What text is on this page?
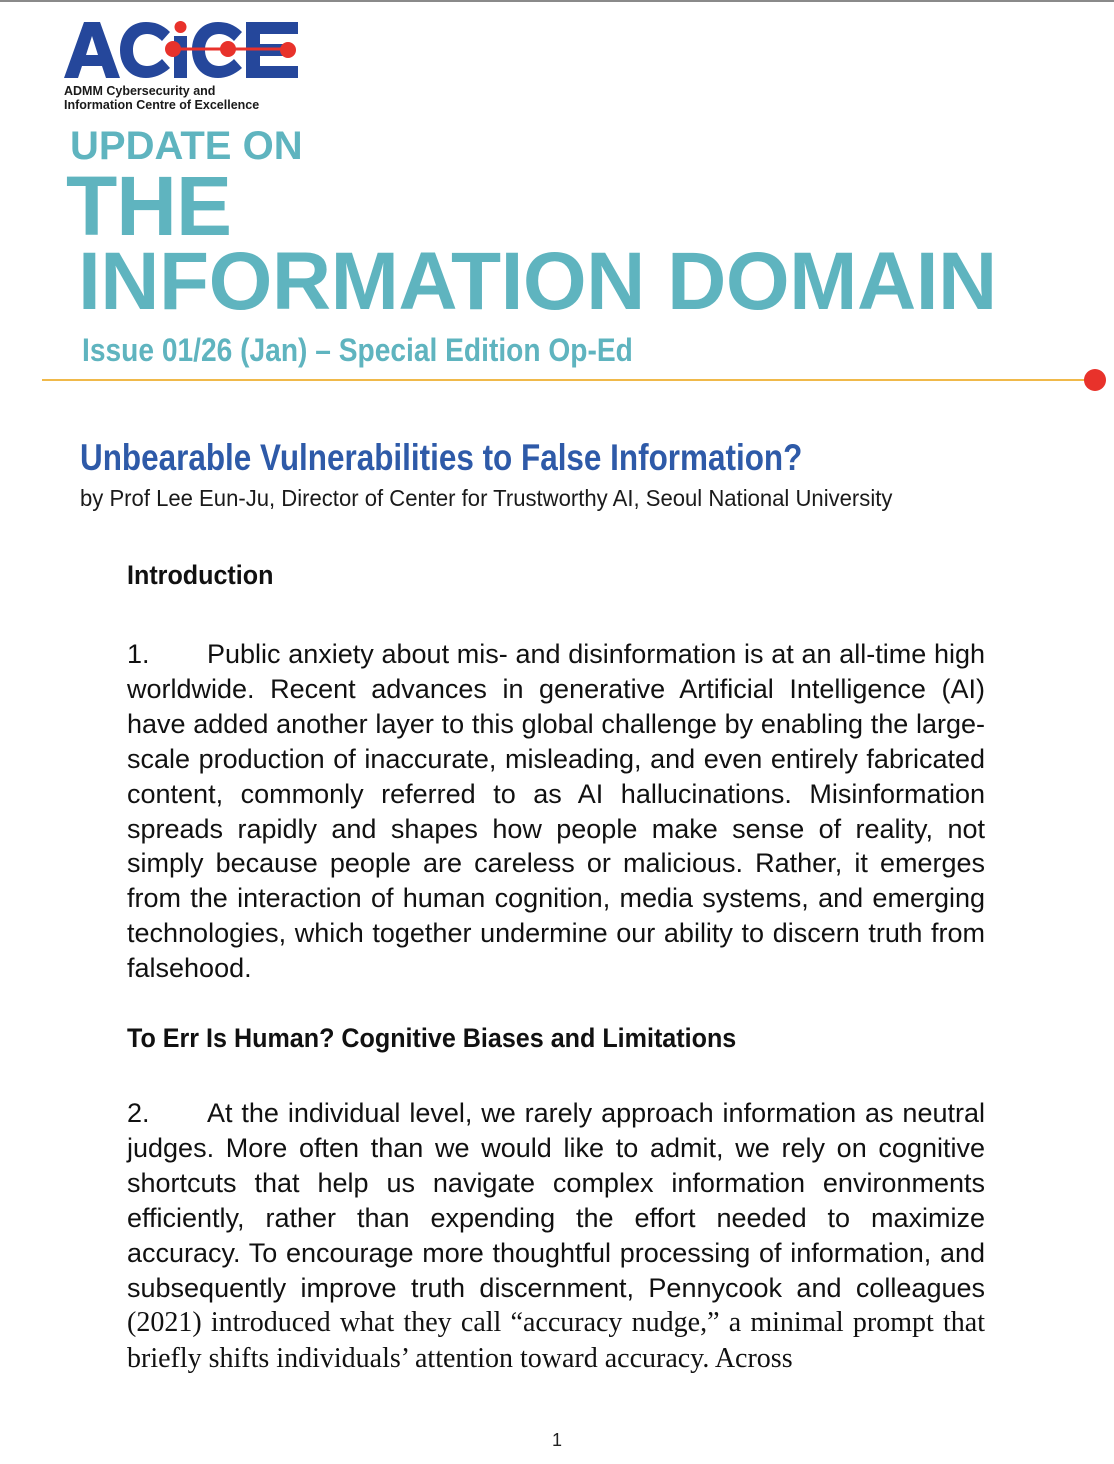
ADMM Cybersecurity and
Information Centre of Excellence
UPDATE ON
THE
INFORMATION DOMAIN
Issue 01/26 (Jan) – Special Edition Op-Ed
Unbearable Vulnerabilities to False Information?
by Prof Lee Eun-Ju, Director of Center for Trustworthy AI, Seoul National University
Introduction
1. Public anxiety about mis- and disinformation is at an all-time high worldwide. Recent advances in generative Artificial Intelligence (AI) have added another layer to this global challenge by enabling the large-scale production of inaccurate, misleading, and even entirely fabricated content, commonly referred to as AI hallucinations. Misinformation spreads rapidly and shapes how people make sense of reality, not simply because people are careless or malicious. Rather, it emerges from the interaction of human cognition, media systems, and emerging technologies, which together undermine our ability to discern truth from falsehood.
To Err Is Human? Cognitive Biases and Limitations
2. At the individual level, we rarely approach information as neutral judges. More often than we would like to admit, we rely on cognitive shortcuts that help us navigate complex information environments efficiently, rather than expending the effort needed to maximize accuracy. To encourage more thoughtful processing of information, and subsequently improve truth discernment, Pennycook and colleagues (2021) introduced what they call “accuracy nudge,” a minimal prompt that briefly shifts individuals’ attention toward accuracy. Across
1
